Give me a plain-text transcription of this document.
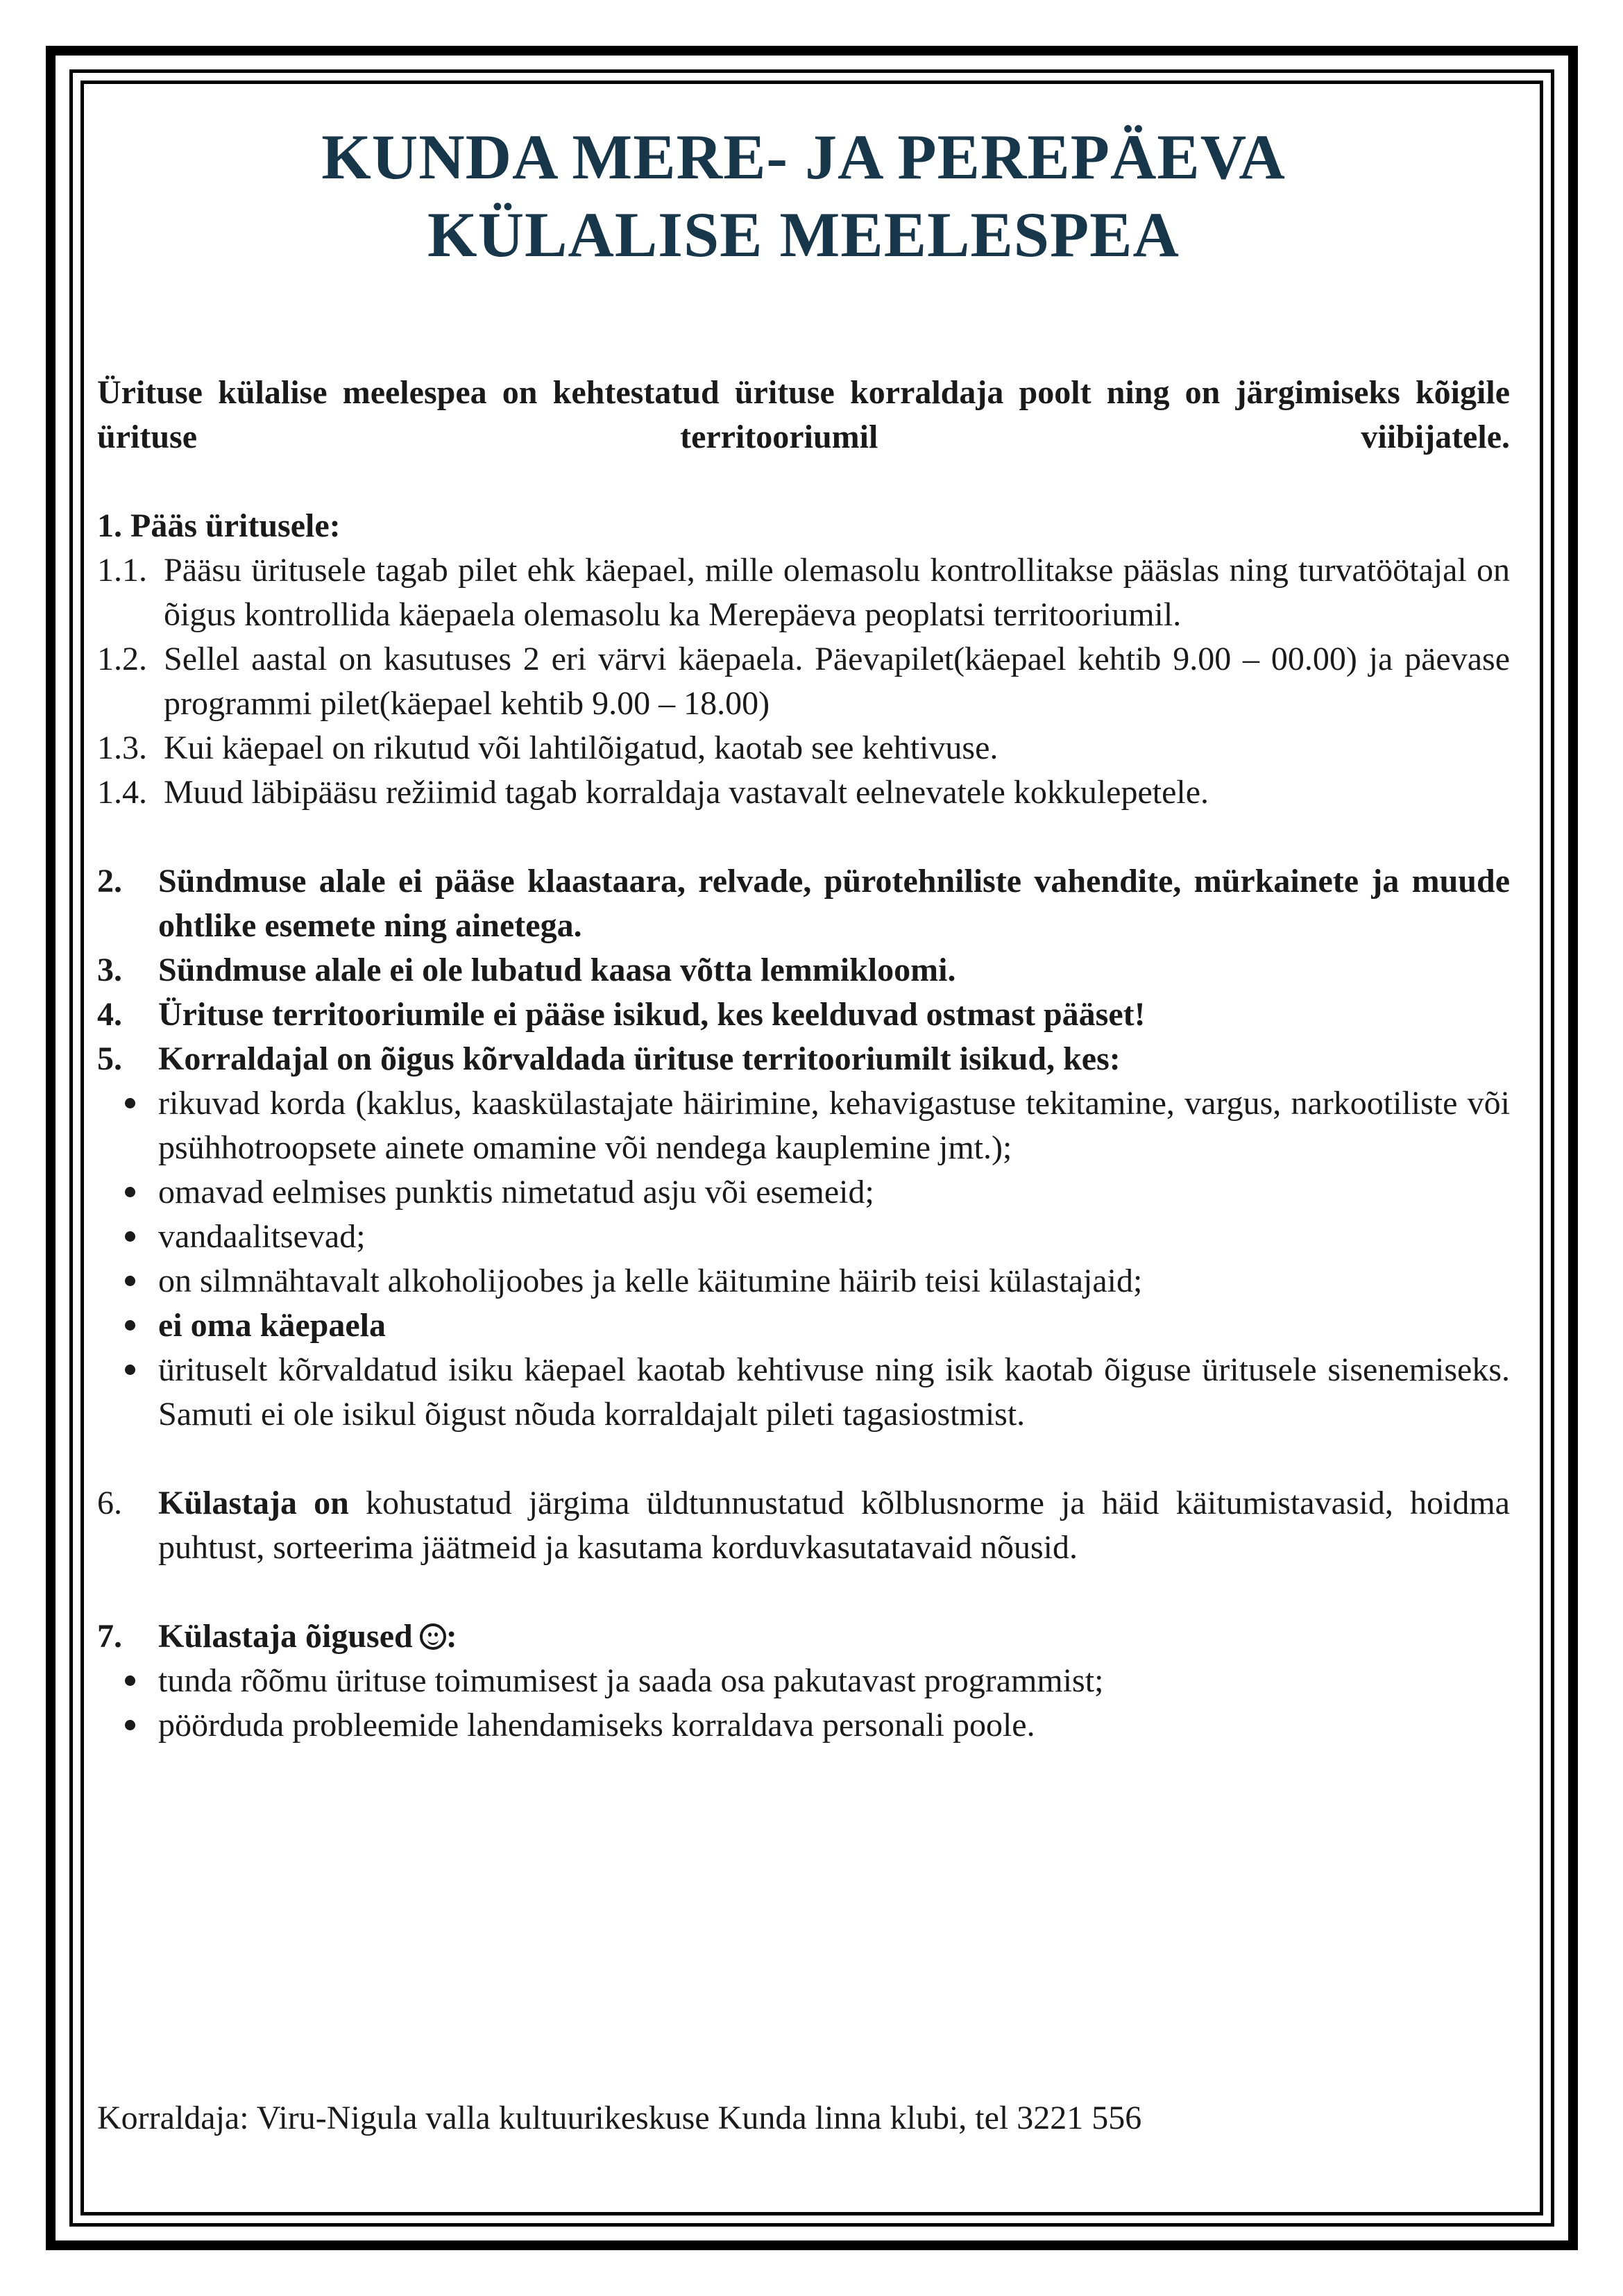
KUNDA MERE- JA PEREPÄEVA
KÜLALISE MEELESPEA

Ürituse külalise meelespea on kehtestatud ürituse korraldaja poolt ning on järgimiseks kõigile ürituse territooriumil viibijatele.

1. Pääs üritusele:

1.1. Pääsu üritusele tagab pilet ehk käepael, mille olemasolu kontrollitakse pääslas ning turvatöötajal on õigus kontrollida käepaela olemasolu ka Merepäeva peoplatsi territooriumil.
1.2. Sellel aastal on kasutuses 2 eri värvi käepaela. Päevapilet(käepael kehtib 9.00 – 00.00) ja päevase programmi pilet(käepael kehtib 9.00 – 18.00)
1.3. Kui käepael on rikutud või lahtilõigatud, kaotab see kehtivuse.
1.4. Muud läbipääsu režiimid tagab korraldaja vastavalt eelnevatele kokkulepetele.
2. Sündmuse alale ei pääse klaastaara, relvade, pürotehniliste vahendite, mürkainete ja muude ohtlike esemete ning ainetega.
3. Sündmuse alale ei ole lubatud kaasa võtta lemmikloomi.
4. Ürituse territooriumile ei pääse isikud, kes keelduvad ostmast pääset!
5. Korraldajal on õigus kõrvaldada ürituse territooriumilt isikud, kes:
rikuvad korda (kaklus, kaaskülastajate häirimine, kehavigastuse tekitamine, vargus, narkootiliste või psühhotroopsete ainete omamine või nendega kauplemine jmt.);
omavad eelmises punktis nimetatud asju või esemeid;
vandaalitsevad;
on silmnähtavalt alkoholijoobes ja kelle käitumine häirib teisi külastajaid;
ei oma käepaela
ürituselt kõrvaldatud isiku käepael kaotab kehtivuse ning isik kaotab õiguse üritusele sisenemiseks. Samuti ei ole isikul õigust nõuda korraldajalt pileti tagasiostmist.
6. Külastaja on kohustatud järgima üldtunnustatud kõlblusnorme ja häid käitumistavasid, hoidma puhtust, sorteerima jäätmeid ja kasutama korduvkasutatavaid nõusid.
7. Külastaja õigused :
tunda rõõmu ürituse toimumisest ja saada osa pakutavast programmist;
pöörduda probleemide lahendamiseks korraldava personali poole.
Korraldaja: Viru-Nigula valla kultuurikeskuse Kunda linna klubi, tel 3221 556
